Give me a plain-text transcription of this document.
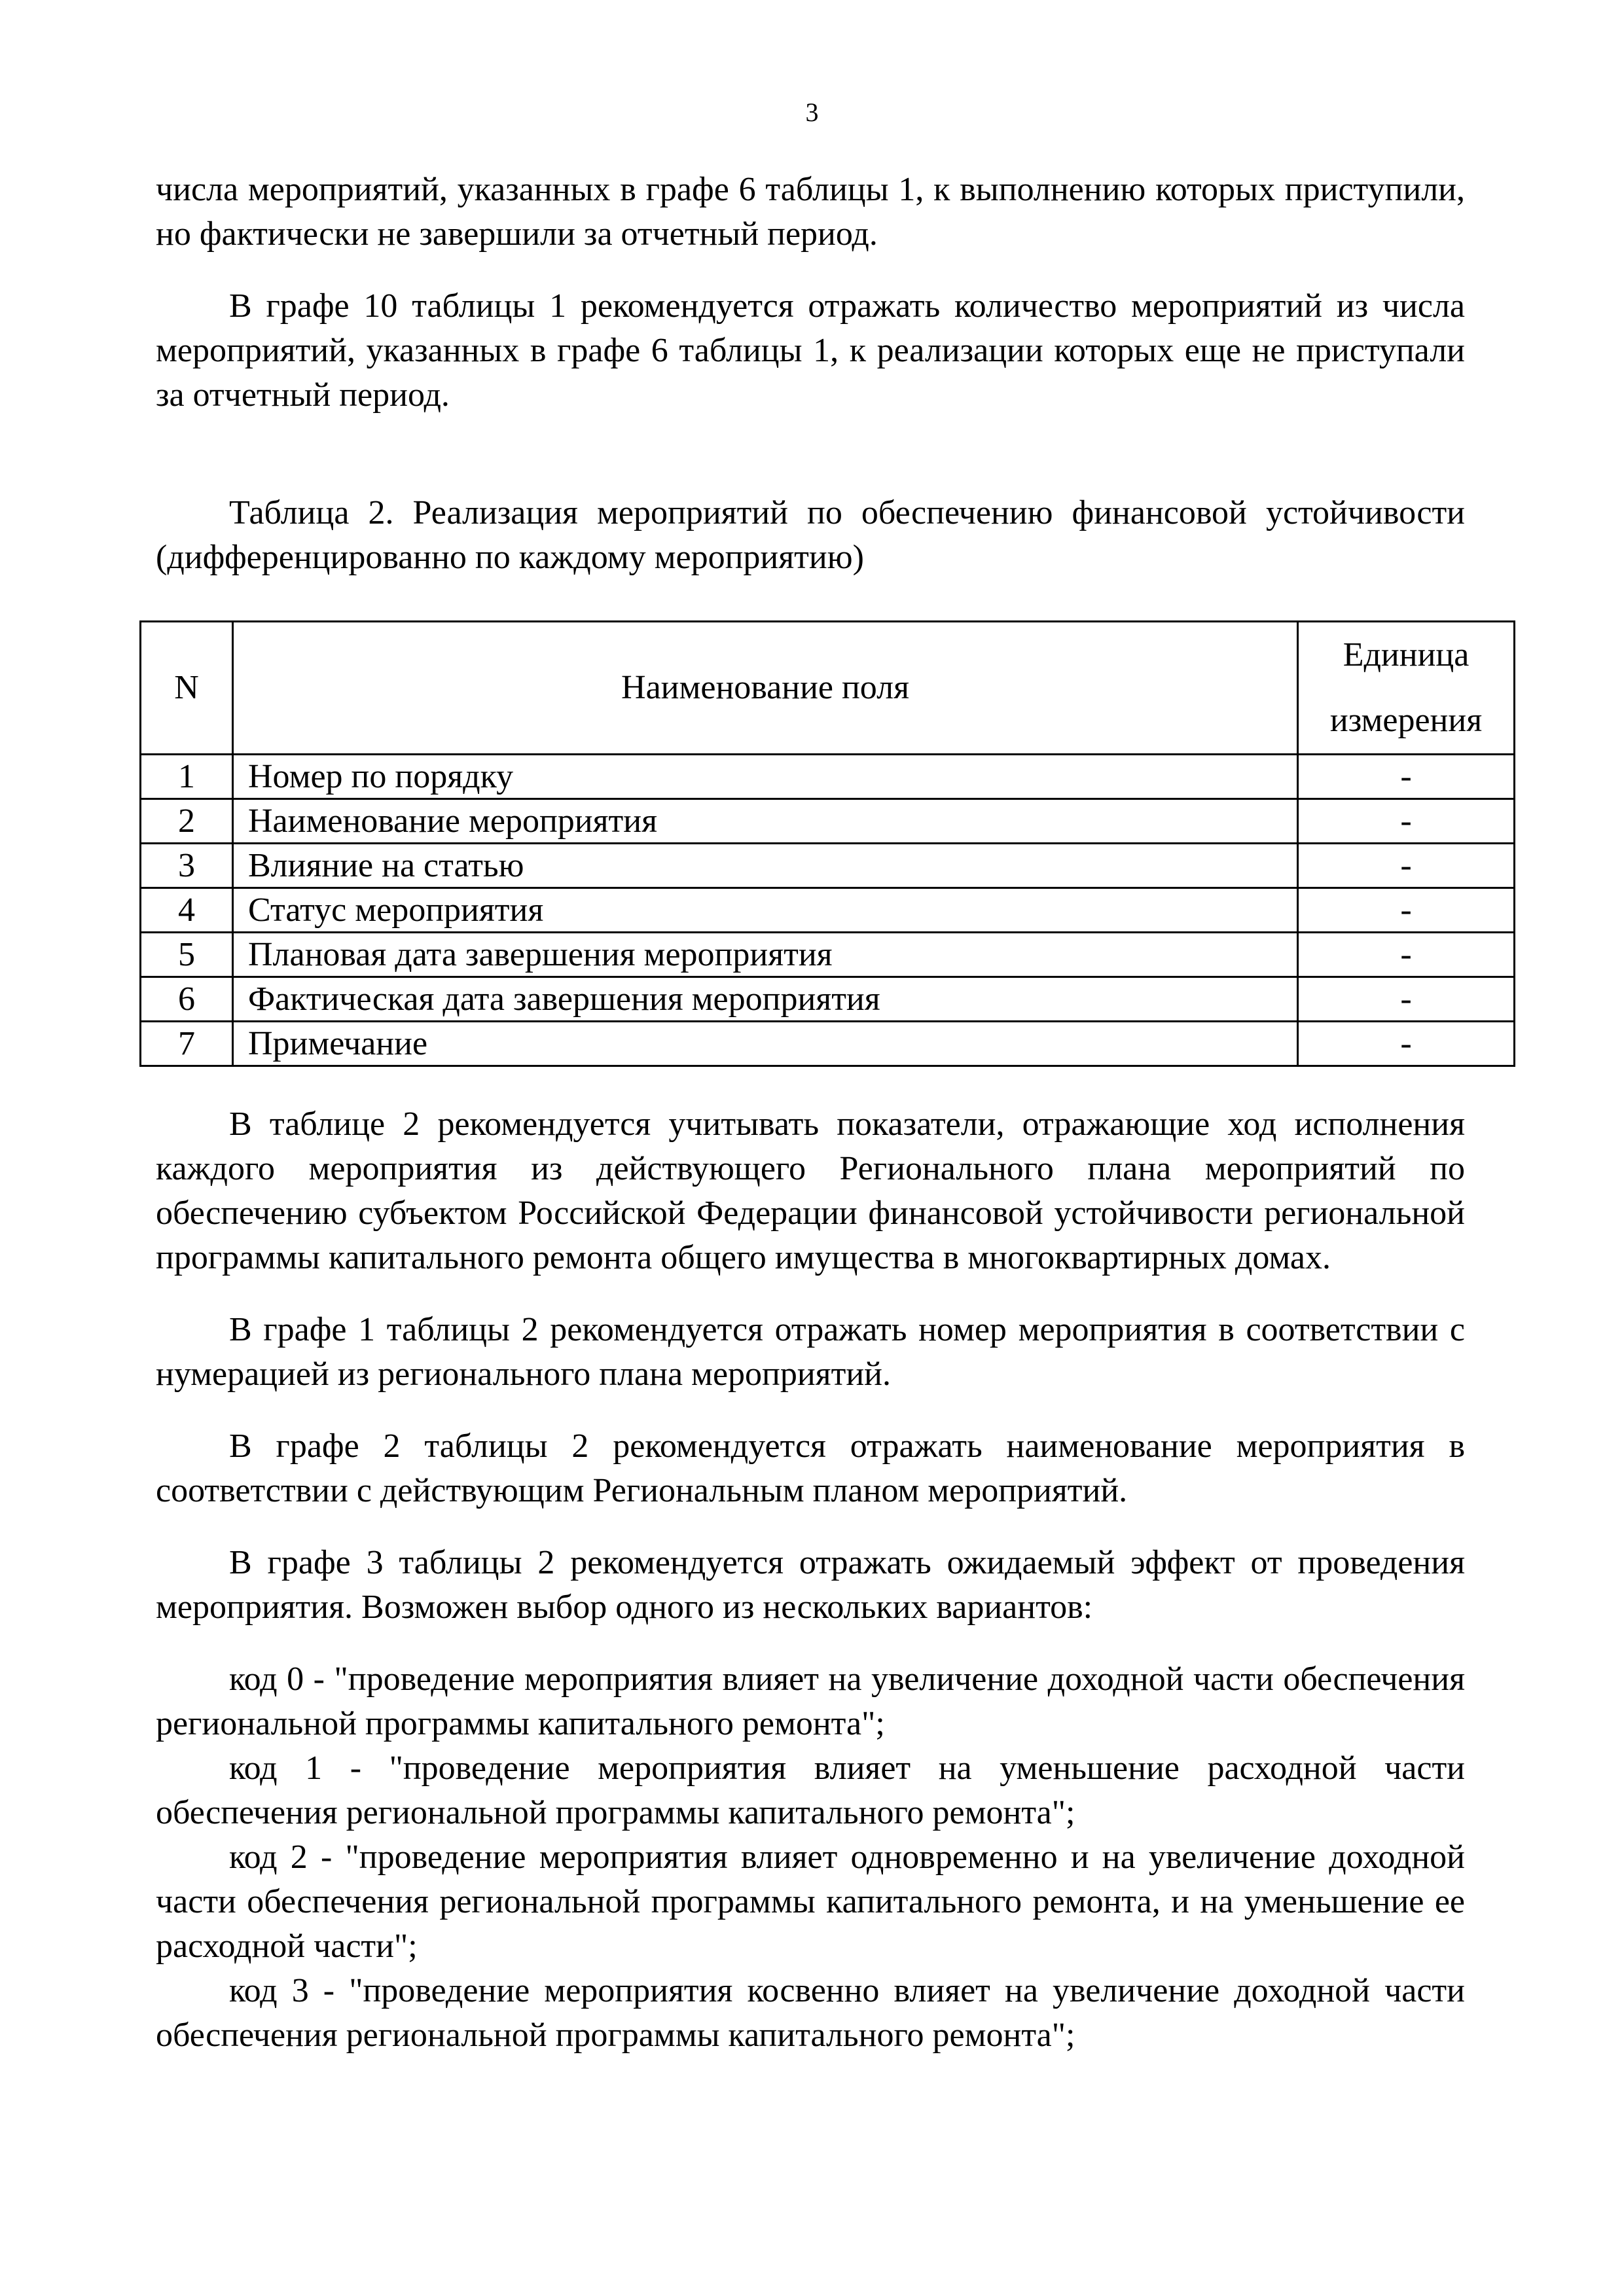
3

числа мероприятий, указанных в графе 6 таблицы 1, к выполнению которых приступили, но фактически не завершили за отчетный период.

В графе 10 таблицы 1 рекомендуется отражать количество мероприятий из числа мероприятий, указанных в графе 6 таблицы 1, к реализации которых еще не приступали за отчетный период.

Таблица 2. Реализация мероприятий по обеспечению финансовой устойчивости (дифференцированно по каждому мероприятию)

N	Наименование поля	Единица
измерения

1	Номер по порядку	-
2	Наименование мероприятия	-
3	Влияние на статью	-
4	Статус мероприятия	-
5	Плановая дата завершения мероприятия	-
6	Фактическая дата завершения мероприятия	-
7	Примечание	-

В таблице 2 рекомендуется учитывать показатели, отражающие ход исполнения каждого мероприятия из действующего Регионального плана мероприятий по обеспечению субъектом Российской Федерации финансовой устойчивости региональной программы капитального ремонта общего имущества в многоквартирных домах.

В графе 1 таблицы 2 рекомендуется отражать номер мероприятия в соответствии с нумерацией из регионального плана мероприятий.

В графе 2 таблицы 2 рекомендуется отражать наименование мероприятия в соответствии с действующим Региональным планом мероприятий.

В графе 3 таблицы 2 рекомендуется отражать ожидаемый эффект от проведения мероприятия. Возможен выбор одного из нескольких вариантов:

код 0 - "проведение мероприятия влияет на увеличение доходной части обеспечения региональной программы капитального ремонта";

код 1 - "проведение мероприятия влияет на уменьшение расходной части обеспечения региональной программы капитального ремонта";

код 2 - "проведение мероприятия влияет одновременно и на увеличение доходной части обеспечения региональной программы капитального ремонта, и на уменьшение ее расходной части";

код 3 - "проведение мероприятия косвенно влияет на увеличение доходной части обеспечения региональной программы капитального ремонта";
